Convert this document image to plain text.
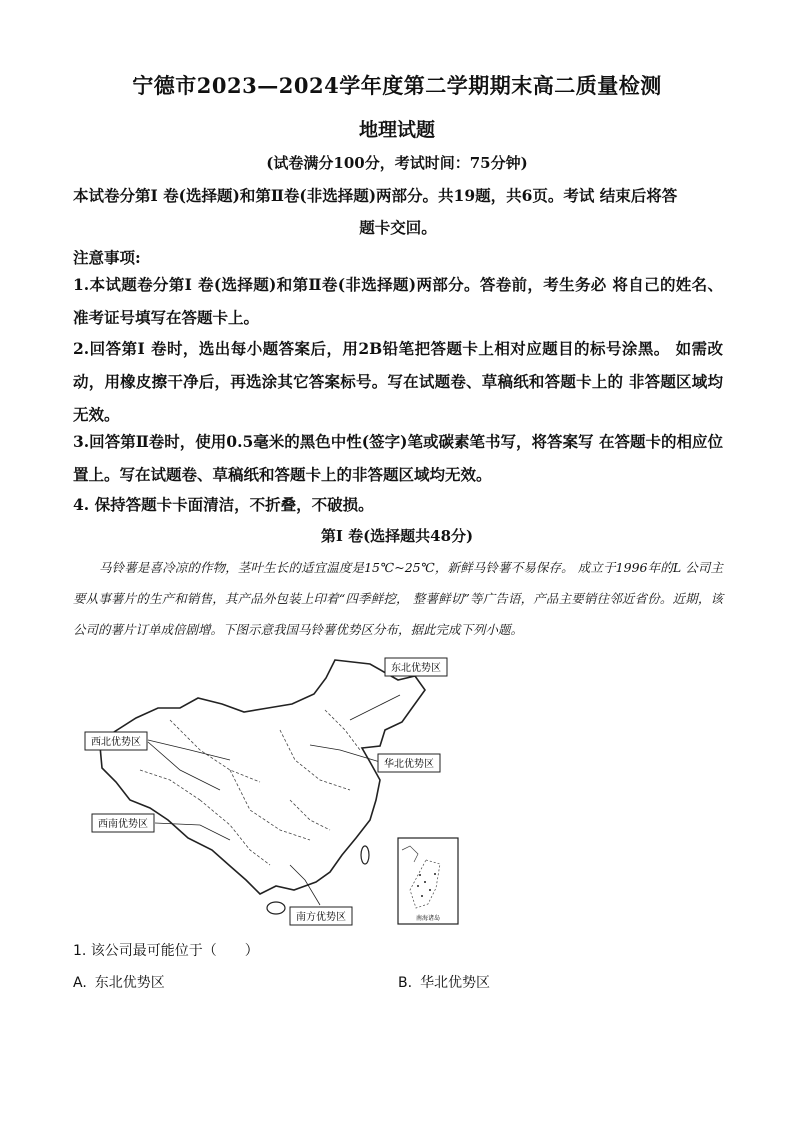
宁德市2023—2024学年度第二学期期末高二质量检测
地理试题
(试卷满分100分，考试时间：75分钟)
本试卷分第Ⅰ 卷(选择题)和第Ⅱ卷(非选择题)两部分。共19题，共6页。考试 结束后将答
题卡交回。
注意事项:
1.本试题卷分第Ⅰ 卷(选择题)和第Ⅱ卷(非选择题)两部分。答卷前，考生务必 将自己的姓名、准考证号填写在答题卡上。
2.回答第Ⅰ 卷时，选出每小题答案后，用2B铅笔把答题卡上相对应题目的标号涂黑。 如需改动，用橡皮擦干净后，再选涂其它答案标号。写在试题卷、草稿纸和答题卡上的 非答题区域均无效。
3.回答第Ⅱ卷时，使用0.5毫米的黑色中性(签字)笔或碳素笔书写，将答案写 在答题卡的相应位置上。写在试题卷、草稿纸和答题卡上的非答题区域均无效。
4. 保持答题卡卡面清洁，不折叠，不破损。
第Ⅰ 卷(选择题共48分)
马铃薯是喜冷凉的作物，茎叶生长的适宜温度是15℃~25℃，新鲜马铃薯不易保存。 成立于1996年的L 公司主要从事薯片的生产和销售，其产品外包装上印着“四季鲜挖， 整薯鲜切”等广告语，产品主要销往邻近省份。近期，该公司的薯片订单成倍剧增。下图示意我国马铃薯优势区分布，据此完成下列小题。
东北优势区
西北优势区
华北优势区
西南优势区
南方优势区	南海诸岛
1. 该公司最可能位于（　　）
A. 东北优势区	B. 华北优势区
